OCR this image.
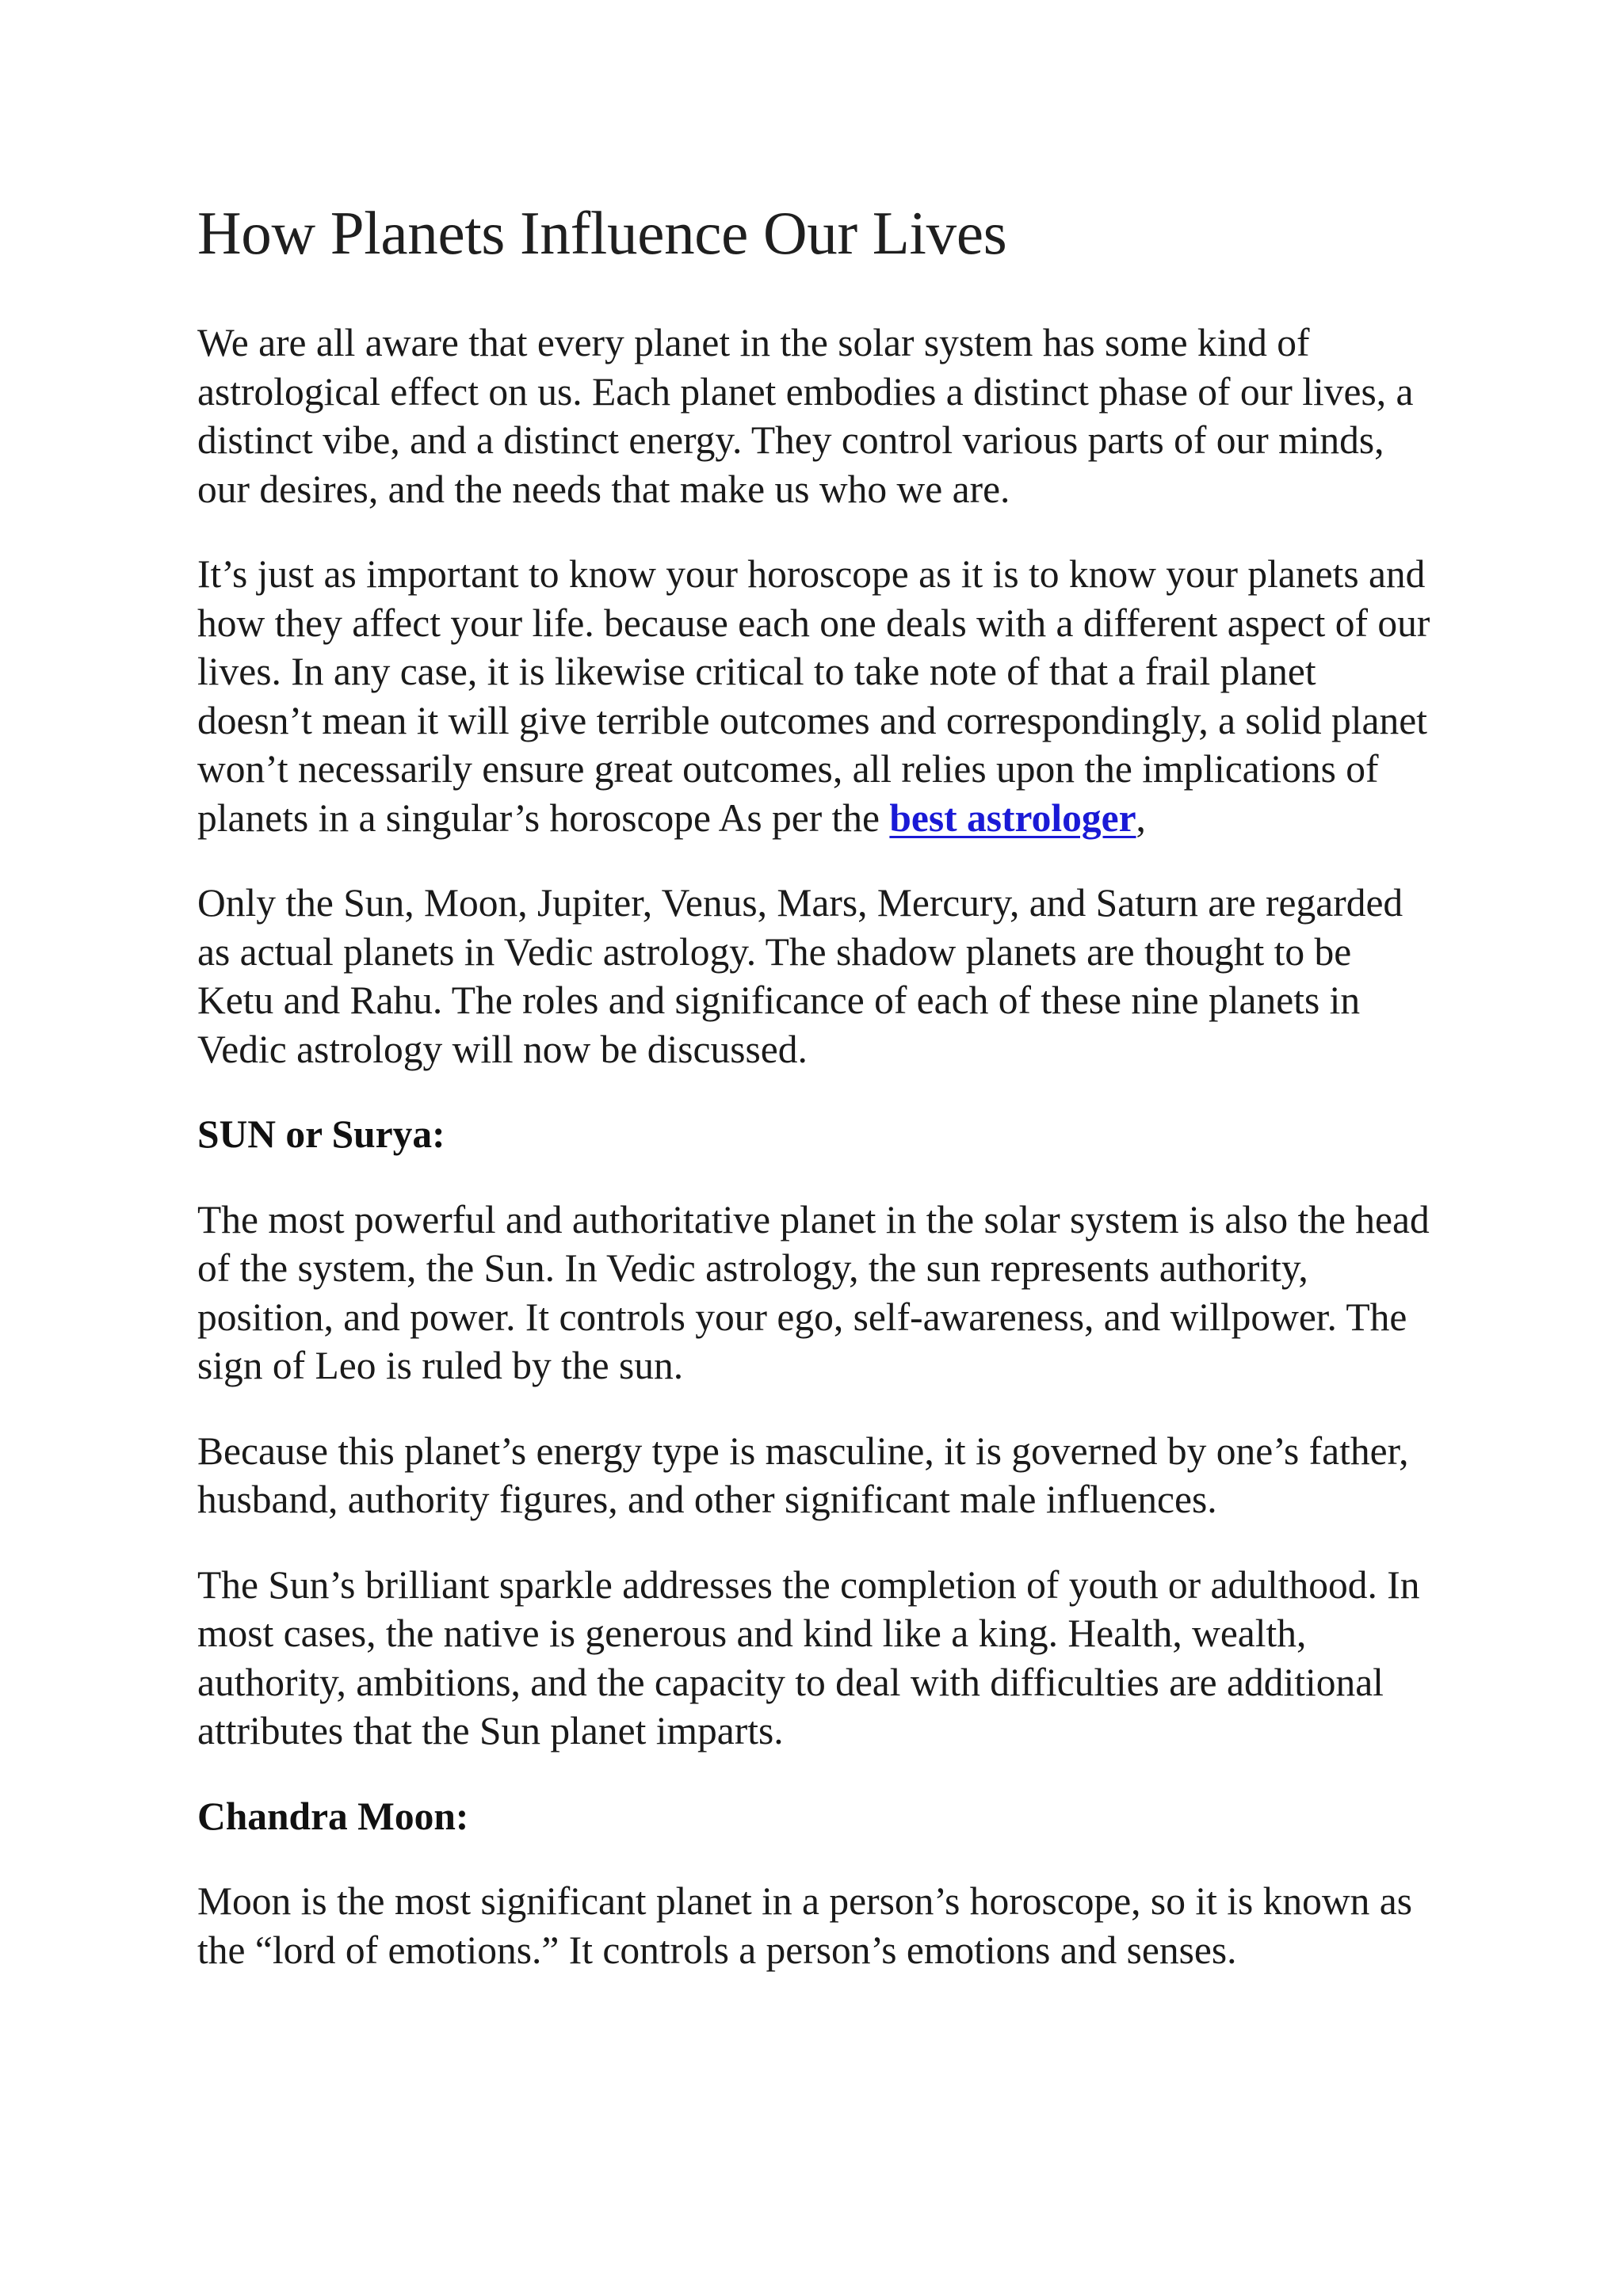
How Planets Influence Our Lives

We are all aware that every planet in the solar system has some kind of astrological effect on us. Each planet embodies a distinct phase of our lives, a distinct vibe, and a distinct energy. They control various parts of our minds, our desires, and the needs that make us who we are.

It’s just as important to know your horoscope as it is to know your planets and how they affect your life. because each one deals with a different aspect of our lives. In any case, it is likewise critical to take note of that a frail planet doesn’t mean it will give terrible outcomes and correspondingly, a solid planet won’t necessarily ensure great outcomes, all relies upon the implications of planets in a singular’s horoscope As per the best astrologer,

Only the Sun, Moon, Jupiter, Venus, Mars, Mercury, and Saturn are regarded as actual planets in Vedic astrology. The shadow planets are thought to be Ketu and Rahu. The roles and significance of each of these nine planets in Vedic astrology will now be discussed.

SUN or Surya:

The most powerful and authoritative planet in the solar system is also the head of the system, the Sun. In Vedic astrology, the sun represents authority, position, and power. It controls your ego, self-awareness, and willpower. The sign of Leo is ruled by the sun.

Because this planet’s energy type is masculine, it is governed by one’s father, husband, authority figures, and other significant male influences.

The Sun’s brilliant sparkle addresses the completion of youth or adulthood. In most cases, the native is generous and kind like a king. Health, wealth, authority, ambitions, and the capacity to deal with difficulties are additional attributes that the Sun planet imparts.

Chandra Moon:

Moon is the most significant planet in a person’s horoscope, so it is known as the “lord of emotions.” It controls a person’s emotions and senses.
